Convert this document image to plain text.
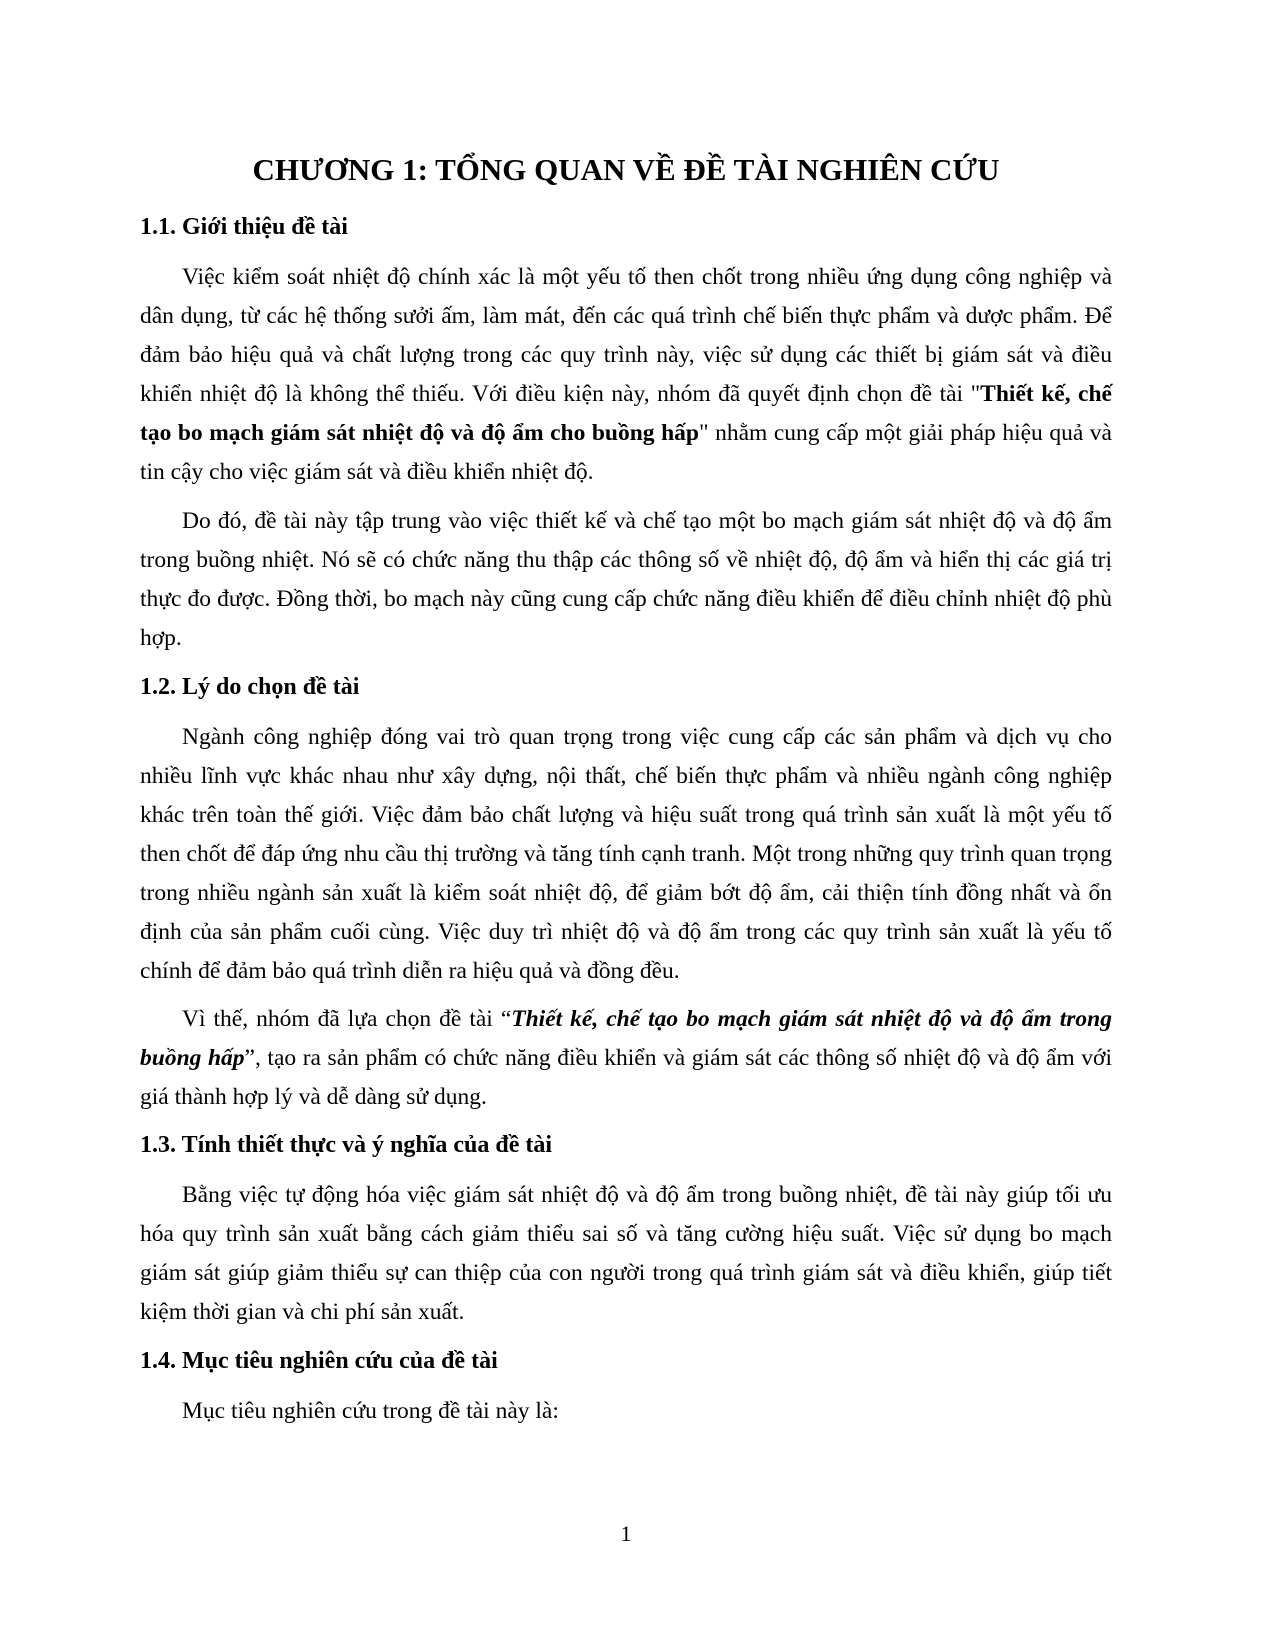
CHƯƠNG 1: TỔNG QUAN VỀ ĐỀ TÀI NGHIÊN CỨU
1.1. Giới thiệu đề tài

Việc kiểm soát nhiệt độ chính xác là một yếu tố then chốt trong nhiều ứng dụng công nghiệp và dân dụng, từ các hệ thống sưởi ấm, làm mát, đến các quá trình chế biến thực phẩm và dược phẩm. Để đảm bảo hiệu quả và chất lượng trong các quy trình này, việc sử dụng các thiết bị giám sát và điều khiển nhiệt độ là không thể thiếu. Với điều kiện này, nhóm đã quyết định chọn đề tài "Thiết kế, chế tạo bo mạch giám sát nhiệt độ và độ ẩm cho buồng hấp" nhằm cung cấp một giải pháp hiệu quả và tin cậy cho việc giám sát và điều khiển nhiệt độ.

Do đó, đề tài này tập trung vào việc thiết kế và chế tạo một bo mạch giám sát nhiệt độ và độ ẩm trong buồng nhiệt. Nó sẽ có chức năng thu thập các thông số về nhiệt độ, độ ẩm và hiển thị các giá trị thực đo được. Đồng thời, bo mạch này cũng cung cấp chức năng điều khiển để điều chỉnh nhiệt độ phù hợp.

1.2. Lý do chọn đề tài

Ngành công nghiệp đóng vai trò quan trọng trong việc cung cấp các sản phẩm và dịch vụ cho nhiều lĩnh vực khác nhau như xây dựng, nội thất, chế biến thực phẩm và nhiều ngành công nghiệp khác trên toàn thế giới. Việc đảm bảo chất lượng và hiệu suất trong quá trình sản xuất là một yếu tố then chốt để đáp ứng nhu cầu thị trường và tăng tính cạnh tranh. Một trong những quy trình quan trọng trong nhiều ngành sản xuất là kiểm soát nhiệt độ, để giảm bớt độ ẩm, cải thiện tính đồng nhất và ổn định của sản phẩm cuối cùng. Việc duy trì nhiệt độ và độ ẩm trong các quy trình sản xuất là yếu tố chính để đảm bảo quá trình diễn ra hiệu quả và đồng đều.

Vì thế, nhóm đã lựa chọn đề tài “Thiết kế, chế tạo bo mạch giám sát nhiệt độ và độ ẩm trong buồng hấp”, tạo ra sản phẩm có chức năng điều khiển và giám sát các thông số nhiệt độ và độ ẩm với giá thành hợp lý và dễ dàng sử dụng.

1.3. Tính thiết thực và ý nghĩa của đề tài

Bằng việc tự động hóa việc giám sát nhiệt độ và độ ẩm trong buồng nhiệt, đề tài này giúp tối ưu hóa quy trình sản xuất bằng cách giảm thiểu sai số và tăng cường hiệu suất. Việc sử dụng bo mạch giám sát giúp giảm thiểu sự can thiệp của con người trong quá trình giám sát và điều khiển, giúp tiết kiệm thời gian và chi phí sản xuất.

1.4. Mục tiêu nghiên cứu của đề tài

Mục tiêu nghiên cứu trong đề tài này là:

1
